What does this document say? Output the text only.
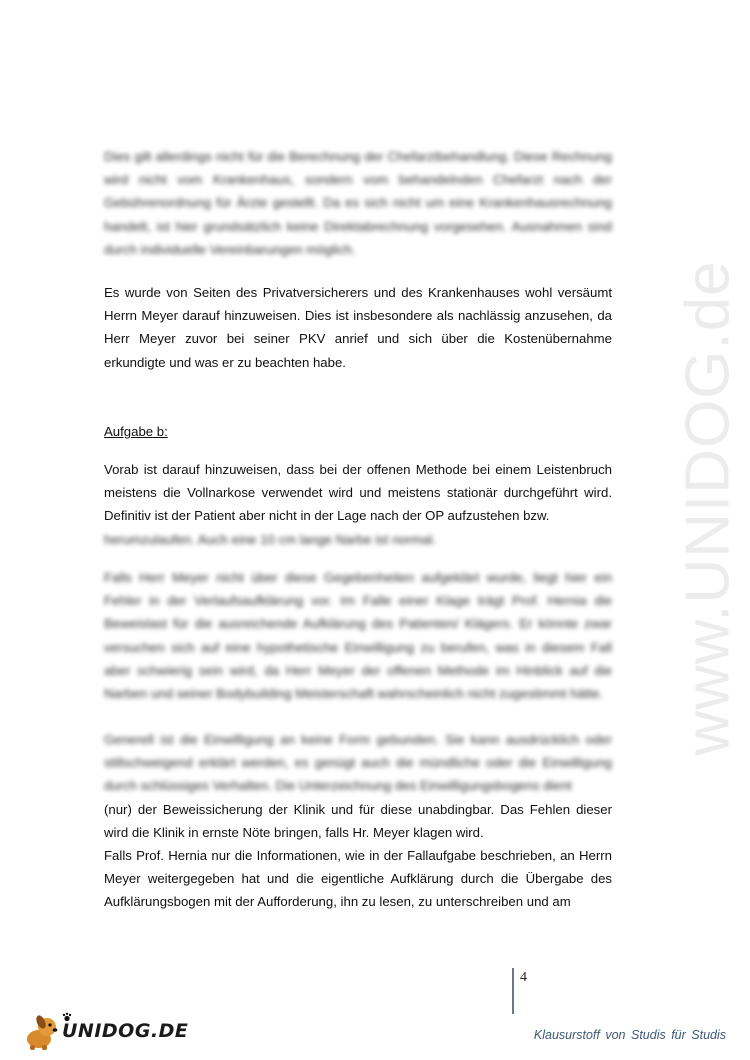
www.UNIDOG.de

Dies gilt allerdings nicht für die Berechnung der Chefarztbehandlung. Diese Rechnung wird nicht vom Krankenhaus, sondern vom behandelnden Chefarzt nach der Gebührenordnung für Ärzte gestellt. Da es sich nicht um eine Krankenhausrechnung handelt, ist hier grundsätzlich keine Direktabrechnung vorgesehen. Ausnahmen sind durch individuelle Vereinbarungen möglich.

Es wurde von Seiten des Privatversicherers und des Krankenhauses wohl versäumt Herrn Meyer darauf hinzuweisen. Dies ist insbesondere als nachlässig anzusehen, da Herr Meyer zuvor bei seiner PKV anrief und sich über die Kostenübernahme erkundigte und was er zu beachten habe.

Aufgabe b:

Vorab ist darauf hinzuweisen, dass bei der offenen Methode bei einem Leistenbruch meistens die Vollnarkose verwendet wird und meistens stationär durchgeführt wird. Definitiv ist der Patient aber nicht in der Lage nach der OP aufzustehen bzw.

herumzulaufen. Auch eine 10 cm lange Narbe ist normal.

Falls Herr Meyer nicht über diese Gegebenheiten aufgeklärt wurde, liegt hier ein Fehler in der Verlaufsaufklärung vor. Im Falle einer Klage trägt Prof. Hernia die Beweislast für die ausreichende Aufklärung des Patienten/ Klägers. Er könnte zwar versuchen sich auf eine hypothetische Einwilligung zu berufen, was in diesem Fall aber schwierig sein wird, da Herr Meyer der offenen Methode im Hinblick auf die Narben und seiner Bodybuilding Meisterschaft wahrscheinlich nicht zugestimmt hätte.

Generell ist die Einwilligung an keine Form gebunden. Sie kann ausdrücklich oder stillschweigend erklärt werden, es genügt auch die mündliche oder die Einwilligung durch schlüssiges Verhalten. Die Unterzeichnung des Einwilligungsbogens dient

(nur) der Beweissicherung der Klinik und für diese unabdingbar. Das Fehlen dieser wird die Klinik in ernste Nöte bringen, falls Hr. Meyer klagen wird.

Falls Prof. Hernia nur die Informationen, wie in der Fallaufgabe beschrieben, an Herrn Meyer weitergegeben hat und die eigentliche Aufklärung durch die Übergabe des Aufklärungsbogen mit der Aufforderung, ihn zu lesen, zu unterschreiben und am

4
UNIDOG.DE	Klausurstoff von Studis für Studis
